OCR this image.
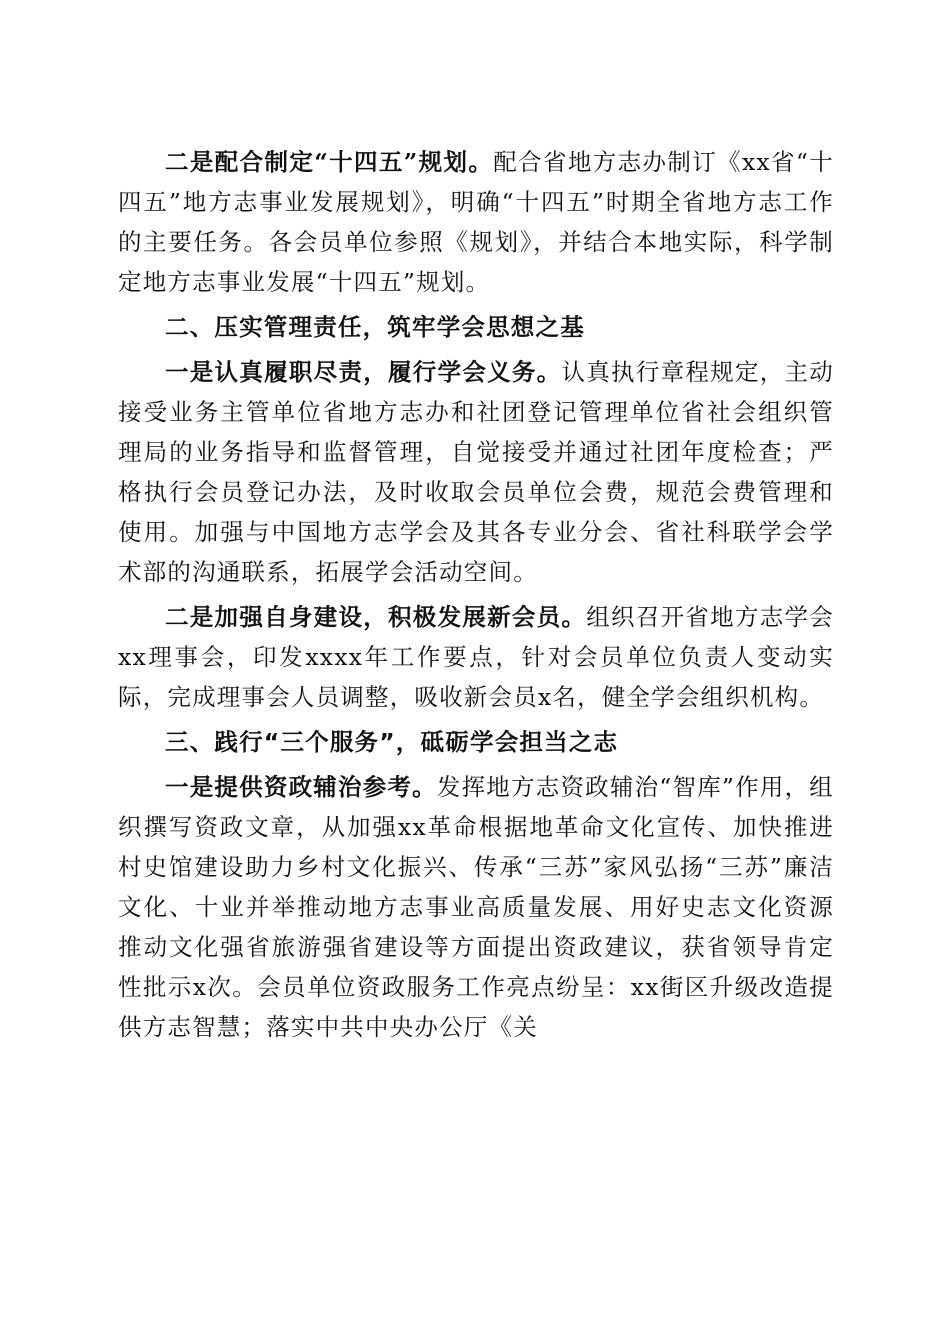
二是配合制定“十四五”规划。配合省地方志办制订《xx省“十四五”地方志事业发展规划》，明确“十四五”时期全省地方志工作的主要任务。各会员单位参照《规划》，并结合本地实际，科学制定地方志事业发展“十四五”规划。

二、压实管理责任，筑牢学会思想之基

一是认真履职尽责，履行学会义务。认真执行章程规定，主动接受业务主管单位省地方志办和社团登记管理单位省社会组织管理局的业务指导和监督管理，自觉接受并通过社团年度检查；严格执行会员登记办法，及时收取会员单位会费，规范会费管理和使用。加强与中国地方志学会及其各专业分会、省社科联学会学术部的沟通联系，拓展学会活动空间。

二是加强自身建设，积极发展新会员。组织召开省地方志学会xx理事会，印发xxxx年工作要点，针对会员单位负责人变动实际，完成理事会人员调整，吸收新会员x名，健全学会组织机构。

三、践行“三个服务”，砥砺学会担当之志

一是提供资政辅治参考。发挥地方志资政辅治“智库”作用，组织撰写资政文章，从加强xx革命根据地革命文化宣传、加快推进村史馆建设助力乡村文化振兴、传承“三苏”家风弘扬“三苏”廉洁文化、十业并举推动地方志事业高质量发展、用好史志文化资源推动文化强省旅游强省建设等方面提出资政建议，获省领导肯定性批示x次。会员单位资政服务工作亮点纷呈：xx街区升级改造提供方志智慧；落实中共中央办公厅《关
